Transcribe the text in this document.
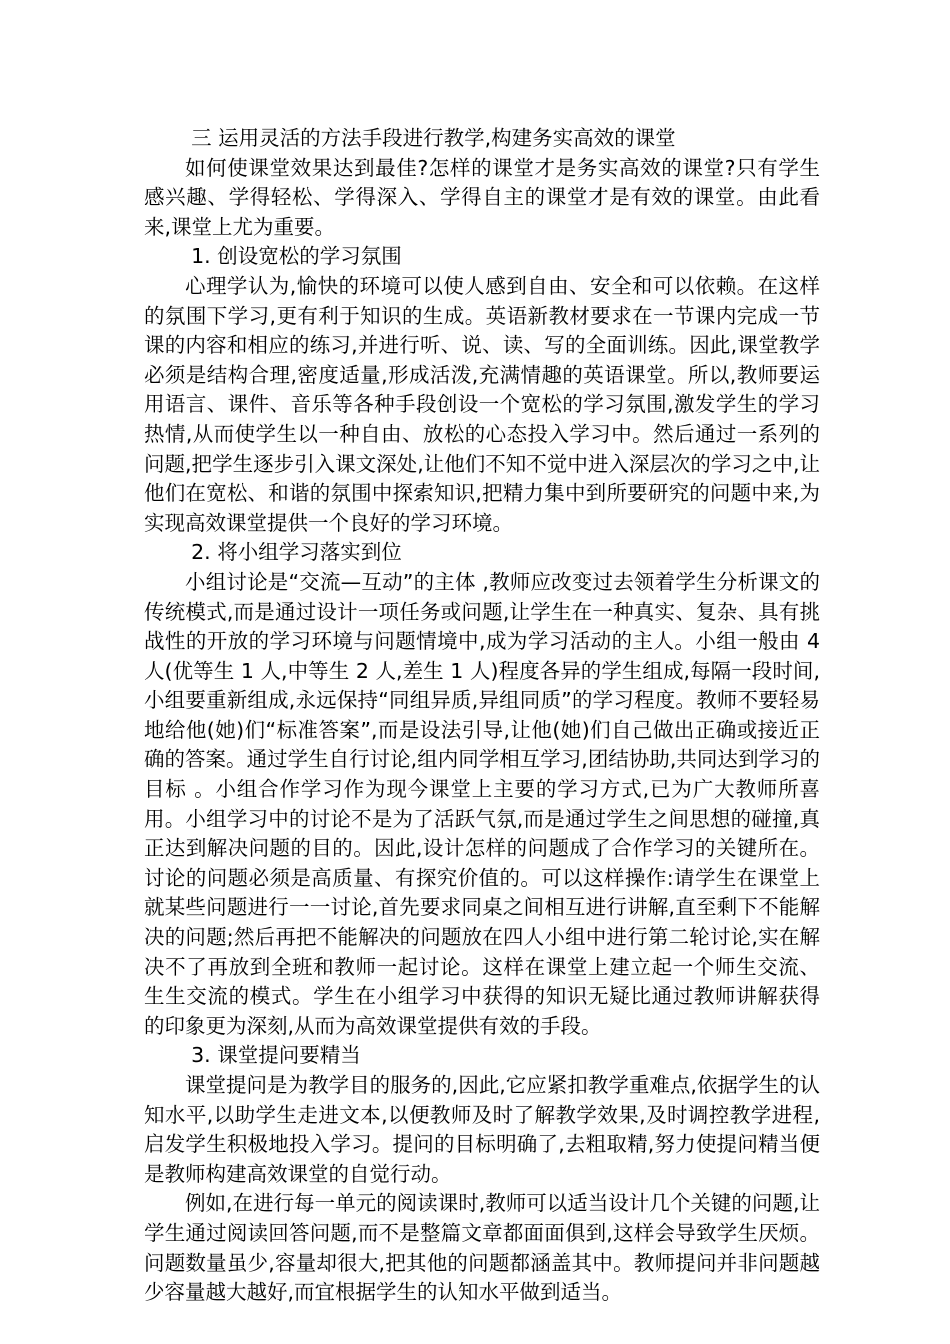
三 运用灵活的方法手段进行教学,构建务实高效的课堂

如何使课堂效果达到最佳?怎样的课堂才是务实高效的课堂?只有学生感兴趣、学得轻松、学得深入、学得自主的课堂才是有效的课堂。由此看来,课堂上尤为重要。

1. 创设宽松的学习氛围

心理学认为,愉快的环境可以使人感到自由、安全和可以依赖。在这样的氛围下学习,更有利于知识的生成。英语新教材要求在一节课内完成一节课的内容和相应的练习,并进行听、说、读、写的全面训练。因此,课堂教学必须是结构合理,密度适量,形成活泼,充满情趣的英语课堂。所以,教师要运用语言、课件、音乐等各种手段创设一个宽松的学习氛围,激发学生的学习热情,从而使学生以一种自由、放松的心态投入学习中。然后通过一系列的问题,把学生逐步引入课文深处,让他们不知不觉中进入深层次的学习之中,让他们在宽松、和谐的氛围中探索知识,把精力集中到所要研究的问题中来,为实现高效课堂提供一个良好的学习环境。

2. 将小组学习落实到位

小组讨论是“交流—互动”的主体 ,教师应改变过去领着学生分析课文的传统模式,而是通过设计一项任务或问题,让学生在一种真实、复杂、具有挑战性的开放的学习环境与问题情境中,成为学习活动的主人。小组一般由 4 人(优等生 1 人,中等生 2 人,差生 1 人)程度各异的学生组成,每隔一段时间,小组要重新组成,永远保持“同组异质,异组同质”的学习程度。教师不要轻易地给他(她)们“标准答案”,而是设法引导,让他(她)们自己做出正确或接近正确的答案。通过学生自行讨论,组内同学相互学习,团结协助,共同达到学习的目标 。小组合作学习作为现今课堂上主要的学习方式,已为广大教师所喜用。小组学习中的讨论不是为了活跃气氛,而是通过学生之间思想的碰撞,真正达到解决问题的目的。因此,设计怎样的问题成了合作学习的关键所在。讨论的问题必须是高质量、有探究价值的。可以这样操作:请学生在课堂上就某些问题进行一一讨论,首先要求同桌之间相互进行讲解,直至剩下不能解决的问题;然后再把不能解决的问题放在四人小组中进行第二轮讨论,实在解决不了再放到全班和教师一起讨论。这样在课堂上建立起一个师生交流、生生交流的模式。学生在小组学习中获得的知识无疑比通过教师讲解获得的印象更为深刻,从而为高效课堂提供有效的手段。

3. 课堂提问要精当

课堂提问是为教学目的服务的,因此,它应紧扣教学重难点,依据学生的认知水平,以助学生走进文本,以便教师及时了解教学效果,及时调控教学进程,启发学生积极地投入学习。提问的目标明确了,去粗取精,努力使提问精当便是教师构建高效课堂的自觉行动。

例如,在进行每一单元的阅读课时,教师可以适当设计几个关键的问题,让学生通过阅读回答问题,而不是整篇文章都面面俱到,这样会导致学生厌烦。问题数量虽少,容量却很大,把其他的问题都涵盖其中。教师提问并非问题越少容量越大越好,而宜根据学生的认知水平做到适当。
